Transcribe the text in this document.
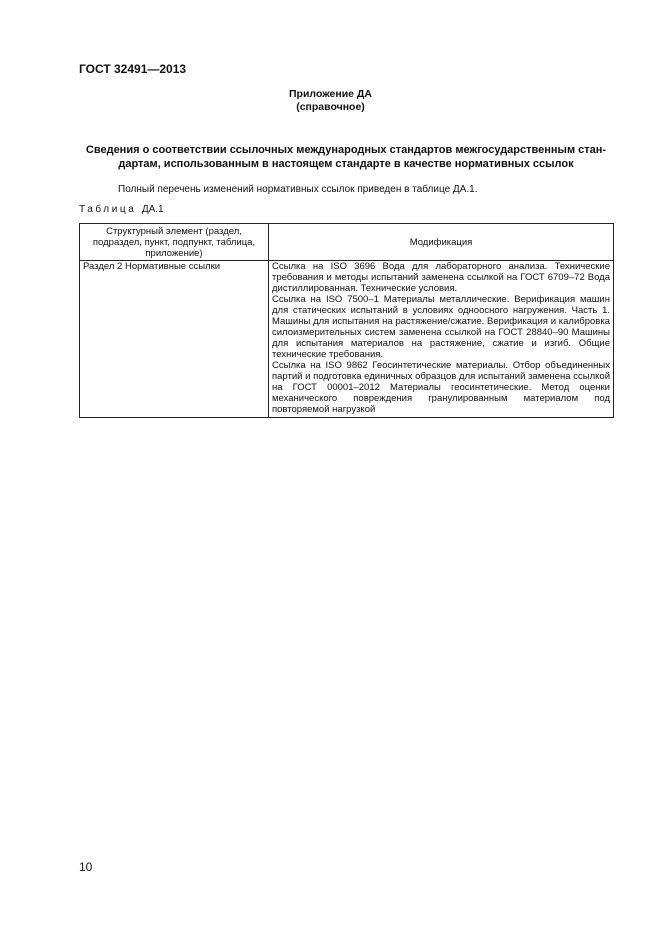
ГОСТ 32491—2013
Приложение ДА
(справочное)
Сведения о соответствии ссылочных международных стандартов межгосударственным стан-
дартам, использованным в настоящем стандарте в качестве нормативных ссылок
Полный перечень изменений нормативных ссылок приведен в таблице ДА.1.
Таблица ДА.1
Структурный элемент (раздел, подраздел, пункт, подпункт, таблица, приложение)	Модификация
Раздел 2 Нормативные ссылки	Ссылка на ISO 3696 Вода для лабораторного анализа. Технические требования и методы испытаний заменена ссылкой на ГОСТ 6709–72 Вода дистиллированная. Технические условия.
Ссылка на ISO 7500–1 Материалы металлические. Верификация машин для статических испытаний в условиях одноосного нагружения. Часть 1. Машины для испытания на растяжение/сжатие. Верификация и калибровка силоизмерительных систем заменена ссылкой на ГОСТ 28840–90 Машины для испытания материалов на растяжение, сжатие и изгиб. Общие технические требования.
Ссылка на ISO 9862 Геосинтетические материалы. Отбор объединенных партий и подготовка единичных образцов для испытаний заменена ссылкой на ГОСТ 00001–2012 Материалы геосинтетические. Метод оценки механического повреждения гранулированным материалом под повторяемой нагрузкой
10
